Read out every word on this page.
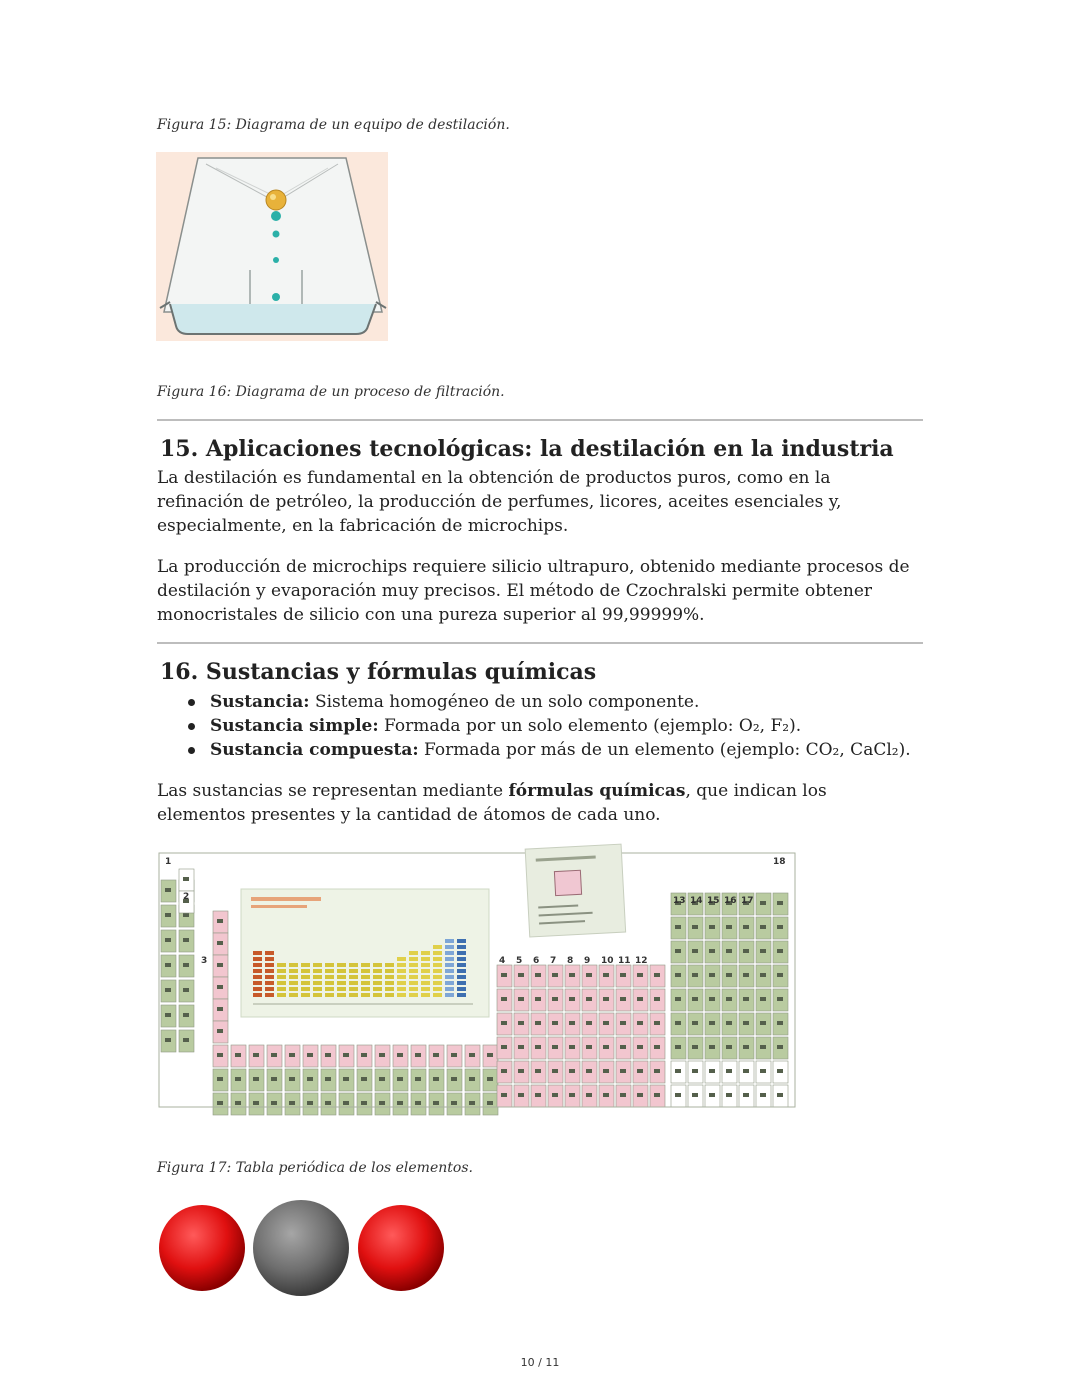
Figura 15: Diagrama de un equipo de destilación.

Figura 16: Diagrama de un proceso de filtración.

15. Aplicaciones tecnológicas: la destilación en la industria

La destilación es fundamental en la obtención de productos puros, como en la refinación de petróleo, la producción de perfumes, licores, aceites esenciales y, especialmente, en la fabricación de microchips.

La producción de microchips requiere silicio ultrapuro, obtenido mediante procesos de destilación y evaporación muy precisos. El método de Czochralski permite obtener monocristales de silicio con una pureza superior al 99,99999%.

16. Sustancias y fórmulas químicas
Sustancia: Sistema homogéneo de un solo componente.
Sustancia simple: Formada por un solo elemento (ejemplo: O₂, F₂).
Sustancia compuesta: Formada por más de un elemento (ejemplo: CO₂, CaCl₂).

Las sustancias se representan mediante fórmulas químicas, que indican los elementos presentes y la cantidad de átomos de cada uno.

1
2	13 14 15 16 17
18
3	4 5 6 7 8 9 10 11 12

Figura 17: Tabla periódica de los elementos.

10 / 11
